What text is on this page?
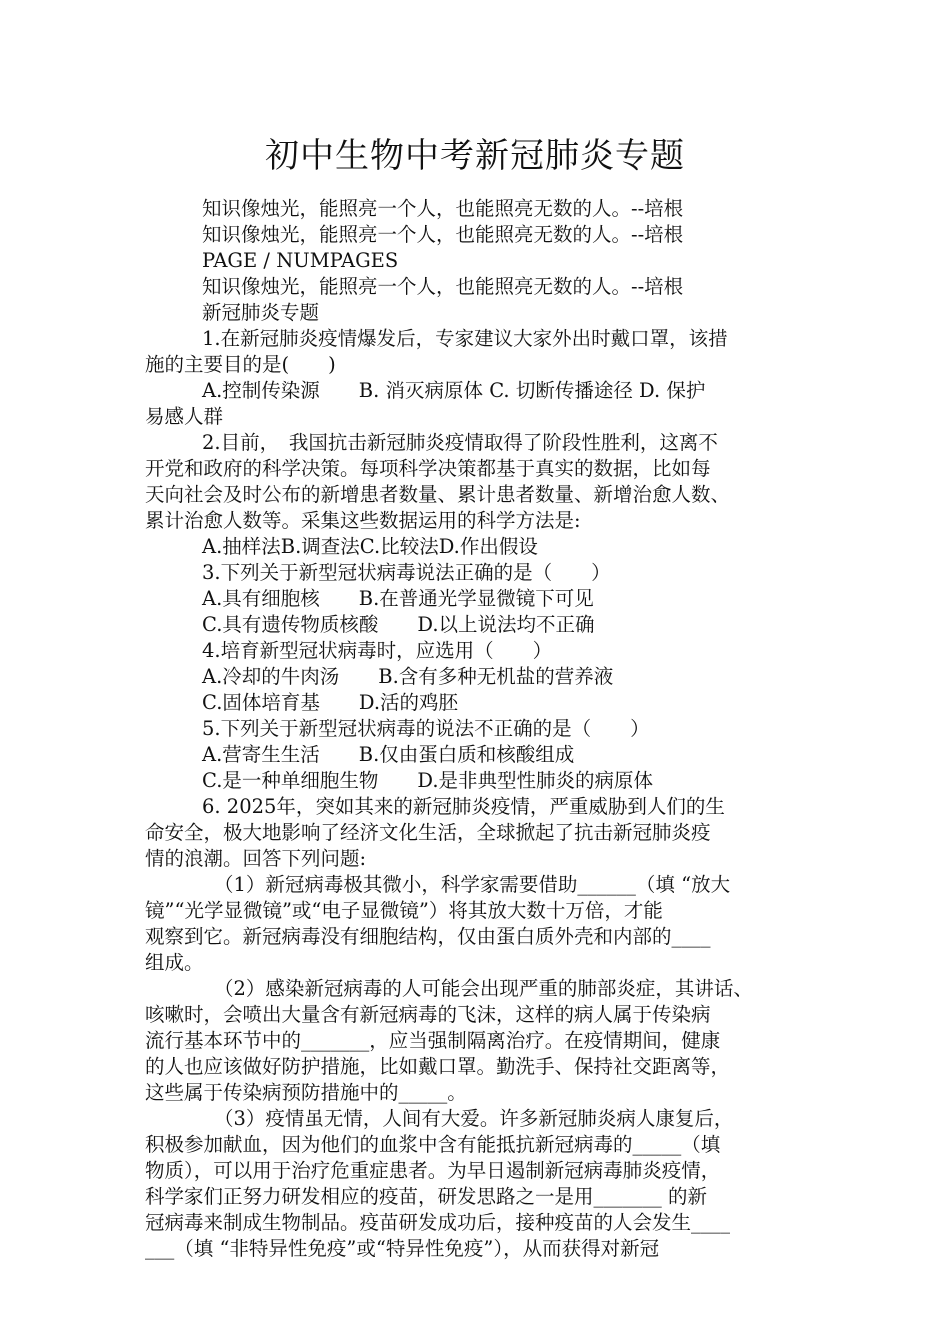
初中生物中考新冠肺炎专题
知识像烛光，能照亮一个人，也能照亮无数的人。--培根
知识像烛光，能照亮一个人，也能照亮无数的人。--培根
PAGE / NUMPAGES
知识像烛光，能照亮一个人，也能照亮无数的人。--培根
新冠肺炎专题
1.在新冠肺炎疫情爆发后，专家建议大家外出时戴口罩，该措
施的主要目的是(　　)
A.控制传染源　　B. 消灭病原体 C. 切断传播途径 D. 保护
易感人群
2.目前，　我国抗击新冠肺炎疫情取得了阶段性胜利，这离不
开党和政府的科学决策。每项科学决策都基于真实的数据，比如每
天向社会及时公布的新增患者数量、累计患者数量、新增治愈人数、
累计治愈人数等。采集这些数据运用的科学方法是:
A.抽样法B.调查法C.比较法D.作出假设
3.下列关于新型冠状病毒说法正确的是（　　）
A.具有细胞核　　B.在普通光学显微镜下可见
C.具有遗传物质核酸　　D.以上说法均不正确
4.培育新型冠状病毒时，应选用（　　）
A.冷却的牛肉汤　　B.含有多种无机盐的营养液
C.固体培育基　　D.活的鸡胚
5.下列关于新型冠状病毒的说法不正确的是（　　）
A.营寄生生活　　B.仅由蛋白质和核酸组成
C.是一种单细胞生物　　D.是非典型性肺炎的病原体
6. 2025年，突如其来的新冠肺炎疫情，严重威胁到人们的生
命安全，极大地影响了经济文化生活，全球掀起了抗击新冠肺炎疫
情的浪潮。回答下列问题:
（1）新冠病毒极其微小，科学家需要借助______（填 “放大
镜”“光学显微镜”或“电子显微镜”）将其放大数十万倍，才能
观察到它。新冠病毒没有细胞结构，仅由蛋白质外壳和内部的____
组成。
（2）感染新冠病毒的人可能会出现严重的肺部炎症，其讲话、
咳嗽时，会喷出大量含有新冠病毒的飞沫，这样的病人属于传染病
流行基本环节中的_______，应当强制隔离治疗。在疫情期间，健康
的人也应该做好防护措施，比如戴口罩。勤洗手、保持社交距离等，
这些属于传染病预防措施中的_____。
（3）疫情虽无情，人间有大爱。许多新冠肺炎病人康复后，
积极参加献血，因为他们的血浆中含有能抵抗新冠病毒的_____（填
物质），可以用于治疗危重症患者。为早日遏制新冠病毒肺炎疫情，
科学家们正努力研发相应的疫苗，研发思路之一是用_______ 的新
冠病毒来制成生物制品。疫苗研发成功后，接种疫苗的人会发生____
___（填 “非特异性免疫”或“特异性免疫”），从而获得对新冠
